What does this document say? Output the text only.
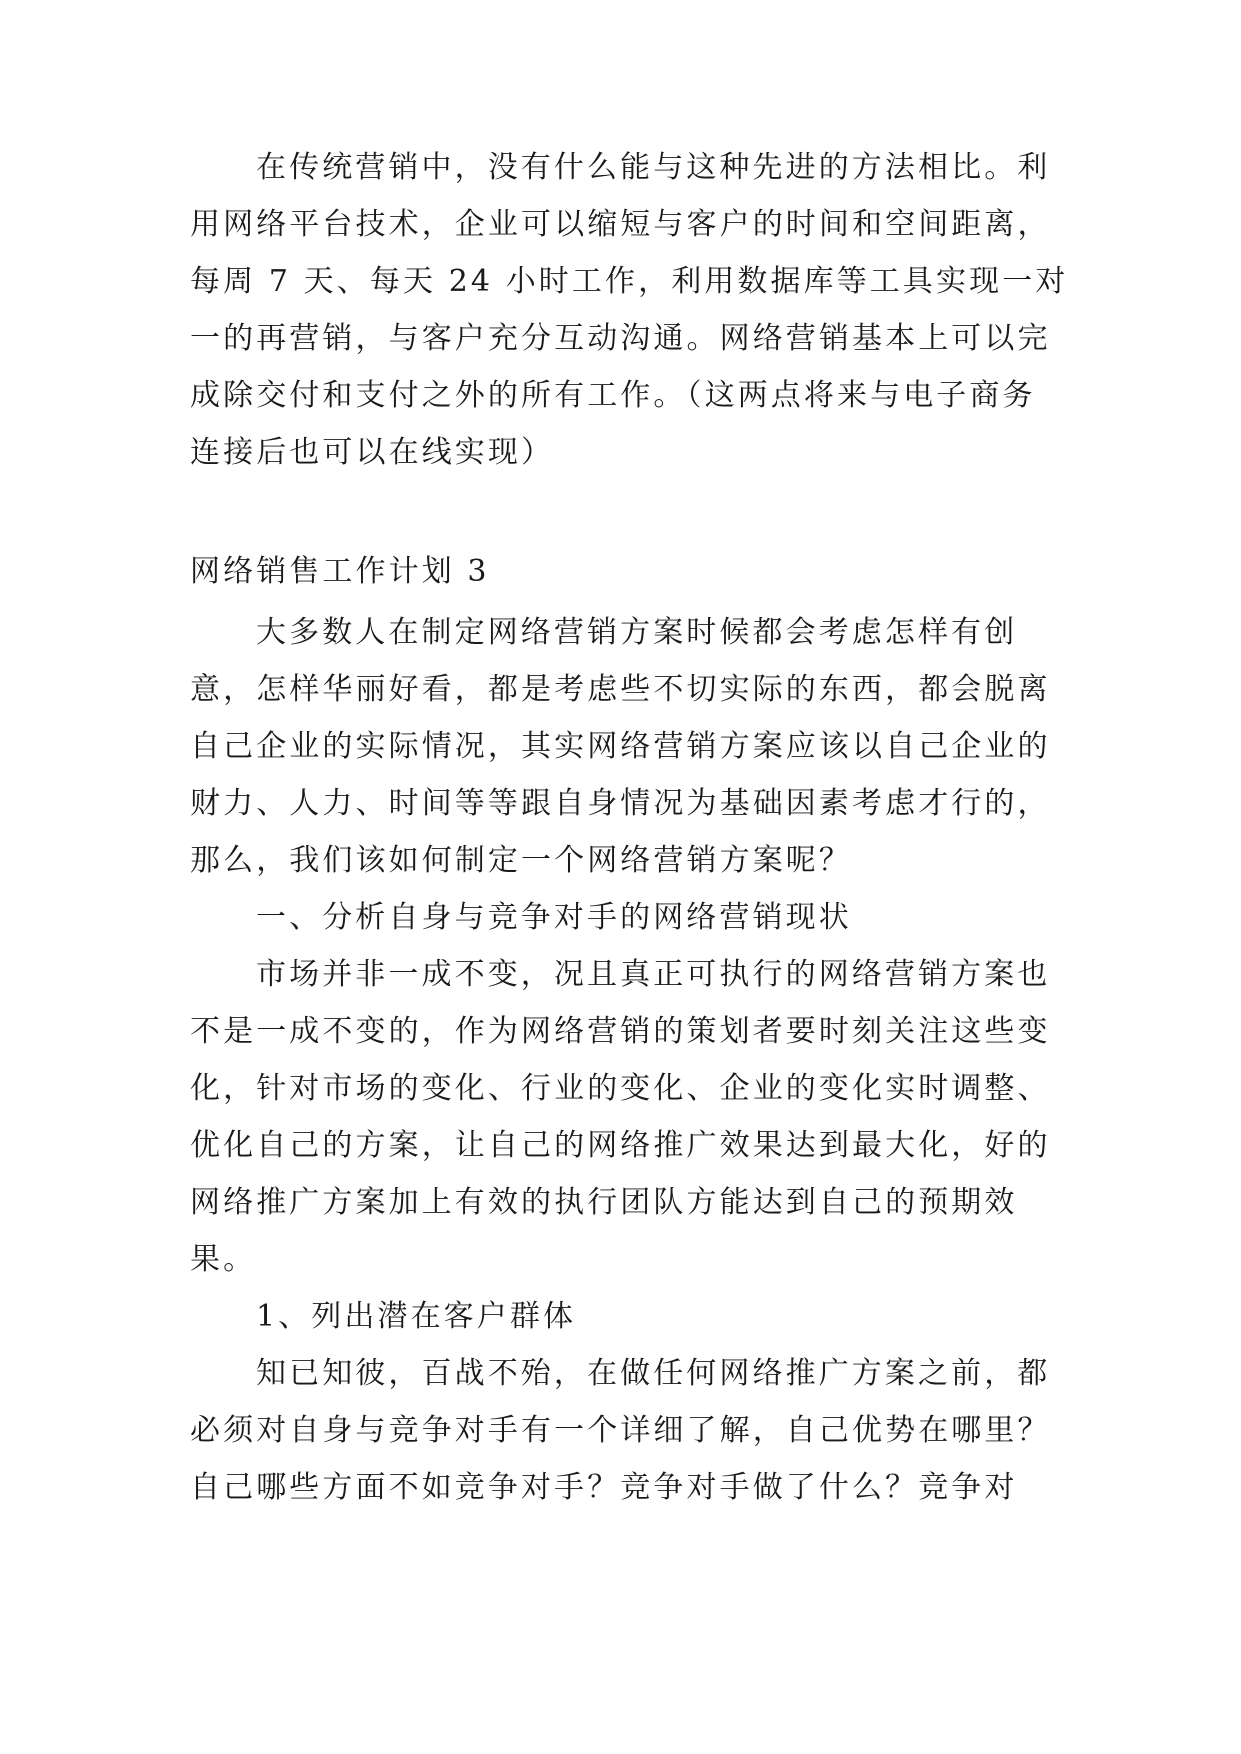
在传统营销中，没有什么能与这种先进的方法相比。利
用网络平台技术，企业可以缩短与客户的时间和空间距离，
每周 7 天、每天 24 小时工作，利用数据库等工具实现一对
一的再营销，与客户充分互动沟通。网络营销基本上可以完
成除交付和支付之外的所有工作。（这两点将来与电子商务
连接后也可以在线实现）
网络销售工作计划 3
大多数人在制定网络营销方案时候都会考虑怎样有创
意，怎样华丽好看，都是考虑些不切实际的东西，都会脱离
自己企业的实际情况，其实网络营销方案应该以自己企业的
财力、人力、时间等等跟自身情况为基础因素考虑才行的，
那么，我们该如何制定一个网络营销方案呢？
一、分析自身与竞争对手的网络营销现状
市场并非一成不变，况且真正可执行的网络营销方案也
不是一成不变的，作为网络营销的策划者要时刻关注这些变
化，针对市场的变化、行业的变化、企业的变化实时调整、
优化自己的方案，让自己的网络推广效果达到最大化，好的
网络推广方案加上有效的执行团队方能达到自己的预期效
果。
1、列出潜在客户群体
知已知彼，百战不殆，在做任何网络推广方案之前，都
必须对自身与竞争对手有一个详细了解，自己优势在哪里？
自己哪些方面不如竞争对手？竞争对手做了什么？竞争对
